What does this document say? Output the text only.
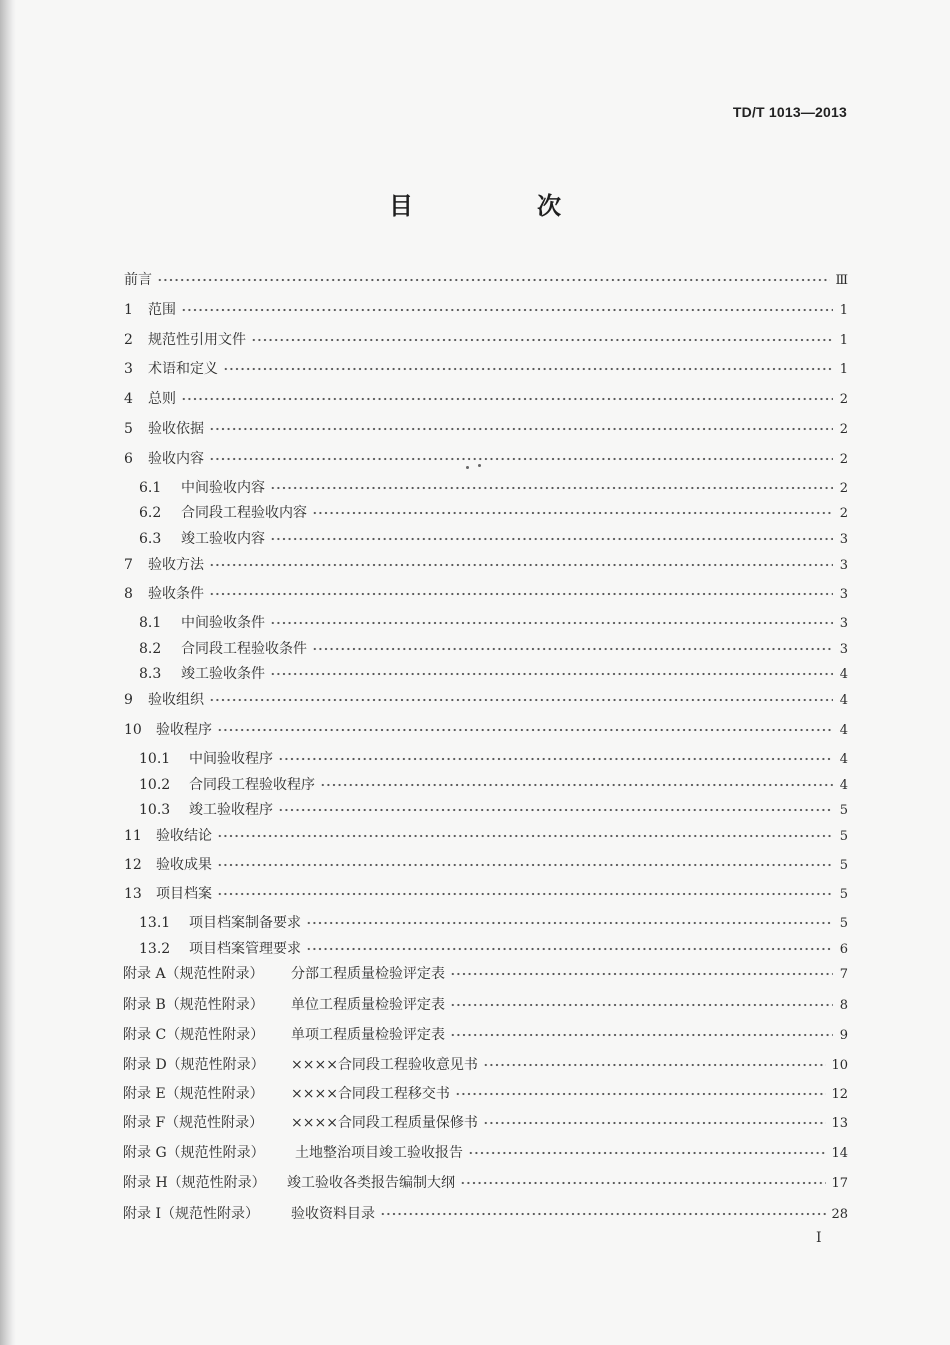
TD/T 1013—2013
目　次
前言	Ⅲ
1	范围	1
2	规范性引用文件	1
3	术语和定义	1
4	总则	2
5	验收依据	2
6	验收内容	2
6.1	中间验收内容	2
6.2	合同段工程验收内容	2
6.3	竣工验收内容	3
7	验收方法	3
8	验收条件	3
8.1	中间验收条件	3
8.2	合同段工程验收条件	3
8.3	竣工验收条件	4
9	验收组织	4
10	验收程序	4
10.1	中间验收程序	4
10.2	合同段工程验收程序	4
10.3	竣工验收程序	5
11	验收结论	5
12	验收成果	5
13	项目档案	5
13.1	项目档案制备要求	5
13.2	项目档案管理要求	6
附录 A（规范性附录）	分部工程质量检验评定表	7
附录 B（规范性附录）	单位工程质量检验评定表	8
附录 C（规范性附录）	单项工程质量检验评定表	9
附录 D（规范性附录）	××××合同段工程验收意见书	10
附录 E（规范性附录）	××××合同段工程移交书	12
附录 F（规范性附录）	××××合同段工程质量保修书	13
附录 G（规范性附录）	土地整治项目竣工验收报告	14
附录 H（规范性附录）	竣工验收各类报告编制大纲	17
附录 I（规范性附录）	验收资料目录	28
Ⅰ
